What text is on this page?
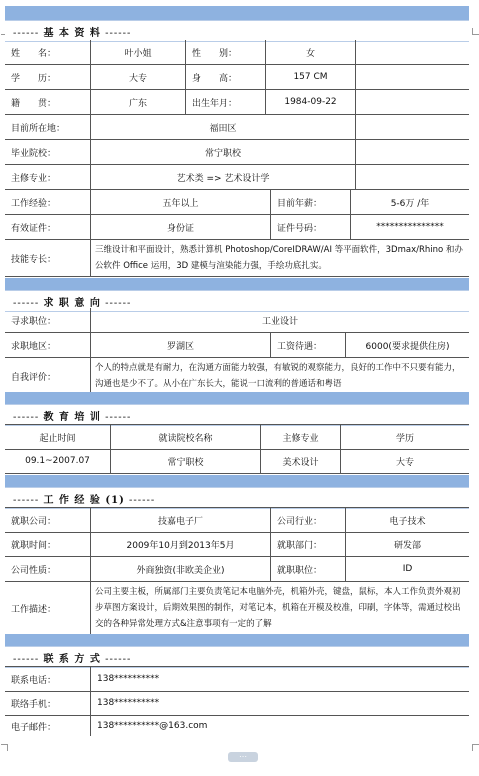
------ 基 本 资 料 ------
姓　　名：	叶小姐	性　　别：	女
学　　历：	大专	身　　高：	157 CM
籍　　贯：	广东	出生年月：	1984-09-22
目前所在地：	福田区
毕业院校：	常宁职校
主修专业：	艺术类 => 艺术设计学
工作经验：	五年以上	目前年薪：	5-6万 /年
有效证件：	身份证	证件号码：	***************
技能专长：
三维设计和平面设计，熟悉计算机 Photoshop/CoreIDRAW/AI 等平面软件，3Dmax/Rhino 和办公软件 Office 运用，3D 建模与渲染能力强，手绘功底扎实。
------ 求 职 意 向 ------
寻求职位：	工业设计
求职地区：	罗湖区	工资待遇：	6000(要求提供住房)
自我评价：
个人的特点就是有耐力，在沟通方面能力较强，有敏锐的观察能力，良好的工作中不只要有能力，沟通也是少不了。从小在广东长大，能说一口流利的普通话和粤语
------ 教 育 培 训 ------
起止时间	就读院校名称	主修专业	学历
09.1~2007.07	常宁职校	美术设计	大专
------ 工 作 经 验 (1) ------
就职公司：	技嘉电子厂	公司行业：	电子技术
就职时间：	2009年10月到2013年5月	就职部门：	研发部
公司性质：	外商独资(非欧美企业)	就职职位：	ID
工作描述：
公司主要主板，所属部门主要负责笔记本电脑外壳，机箱外壳，键盘，鼠标，本人工作负责外观初步草图方案设计，后期效果图的制作，对笔记本，机箱在开模及校准，印刷，字体等，需通过校出交的各种异常处理方式&注意事项有一定的了解
------ 联 系 方 式 ------
联系电话：	138**********
联络手机：	138**********
电子邮件：	138**********@163.com
⋯
